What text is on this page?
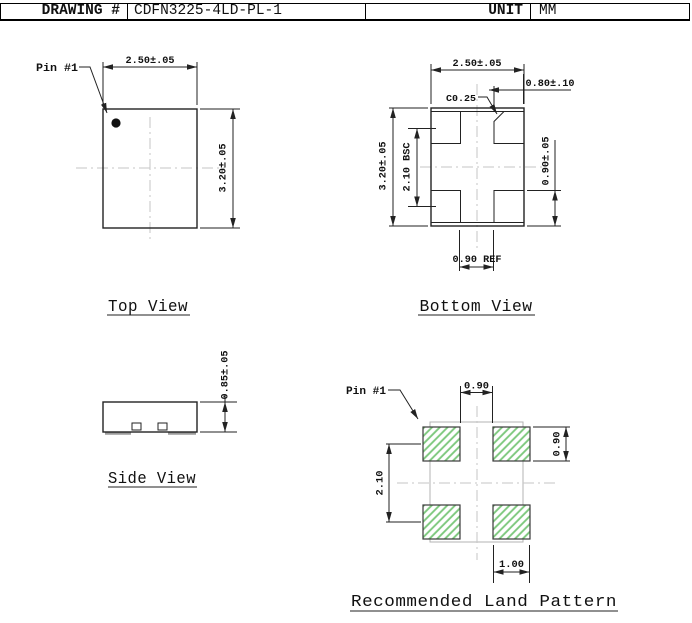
DRAWING # CDFN3225-4LD-PL-1	UNIT	MM
Pin #1
2.50±.05
3.20±.05
Top View
2.50±.05
0.80±.10
C0.25
3.20±.05 2.10 BSC	0.90±.05
0.90 REF
Bottom View
0.85±.05
Side View
Pin #1	0.90
0.90
2.10
1.00
Recommended Land Pattern
